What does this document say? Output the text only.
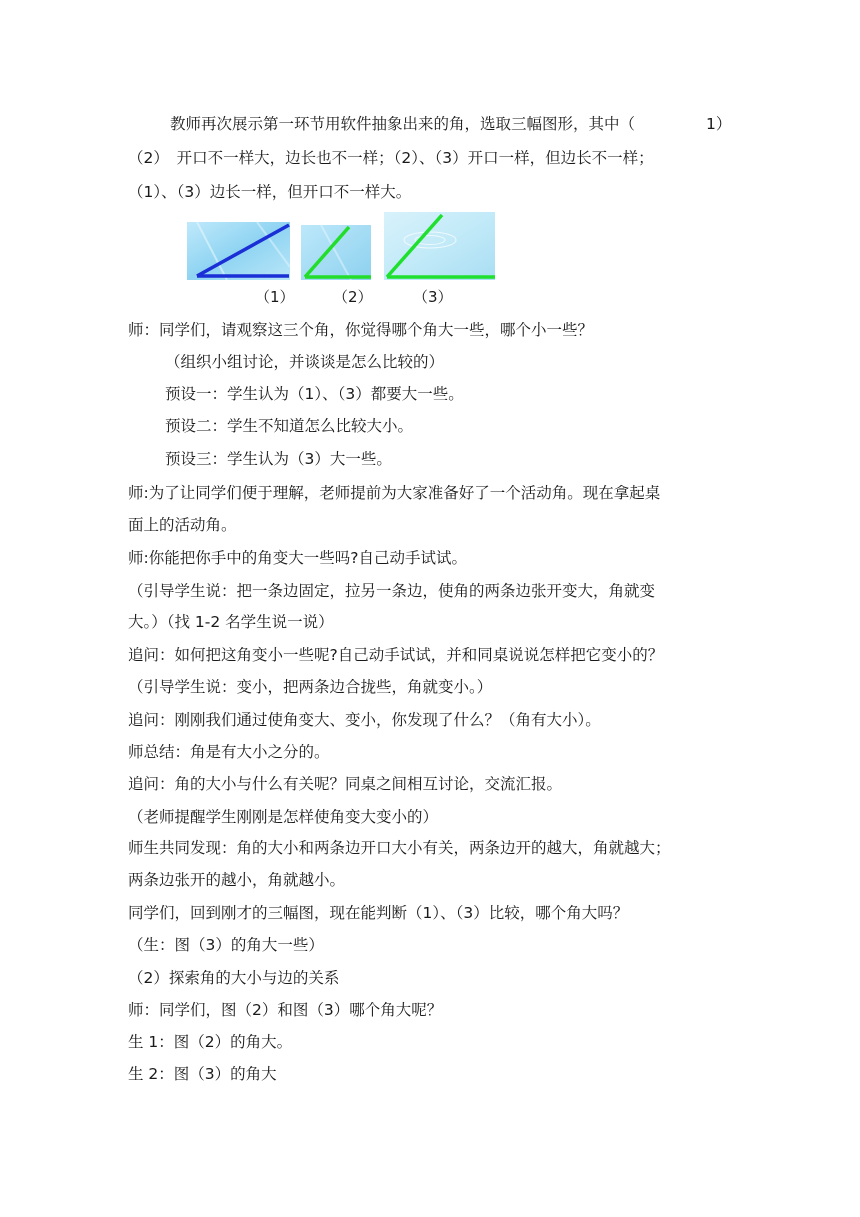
教师再次展示第一环节用软件抽象出来的角，选取三幅图形，其中（	1）
（2）　开口不一样大，边长也不一样；（2）、（3）开口一样，但边长不一样；
（1）、（3）边长一样，但开口不一样大。
（1）	（2）	（3）
师：同学们，请观察这三个角，你觉得哪个角大一些，哪个小一些？
（组织小组讨论，并谈谈是怎么比较的）
预设一：学生认为（1）、（3）都要大一些。
预设二：学生不知道怎么比较大小。
预设三：学生认为（3）大一些。
师:为了让同学们便于理解，老师提前为大家准备好了一个活动角。现在拿起桌
面上的活动角。
师:你能把你手中的角变大一些吗?自己动手试试。
（引导学生说：把一条边固定，拉另一条边，使角的两条边张开变大，角就变
大。）（找 1-2 名学生说一说）
追问：如何把这角变小一些呢?自己动手试试，并和同桌说说怎样把它变小的？
（引导学生说：变小，把两条边合拢些，角就变小。）
追问：刚刚我们通过使角变大、变小，你发现了什么？（角有大小）。
师总结：角是有大小之分的。
追问：角的大小与什么有关呢？同桌之间相互讨论，交流汇报。
（老师提醒学生刚刚是怎样使角变大变小的）
师生共同发现：角的大小和两条边开口大小有关，两条边开的越大，角就越大；
两条边张开的越小，角就越小。
同学们，回到刚才的三幅图，现在能判断（1）、（3）比较，哪个角大吗？
（生：图（3）的角大一些）
（2）探索角的大小与边的关系
师：同学们，图（2）和图（3）哪个角大呢？
生 1：图（2）的角大。
生 2：图（3）的角大
